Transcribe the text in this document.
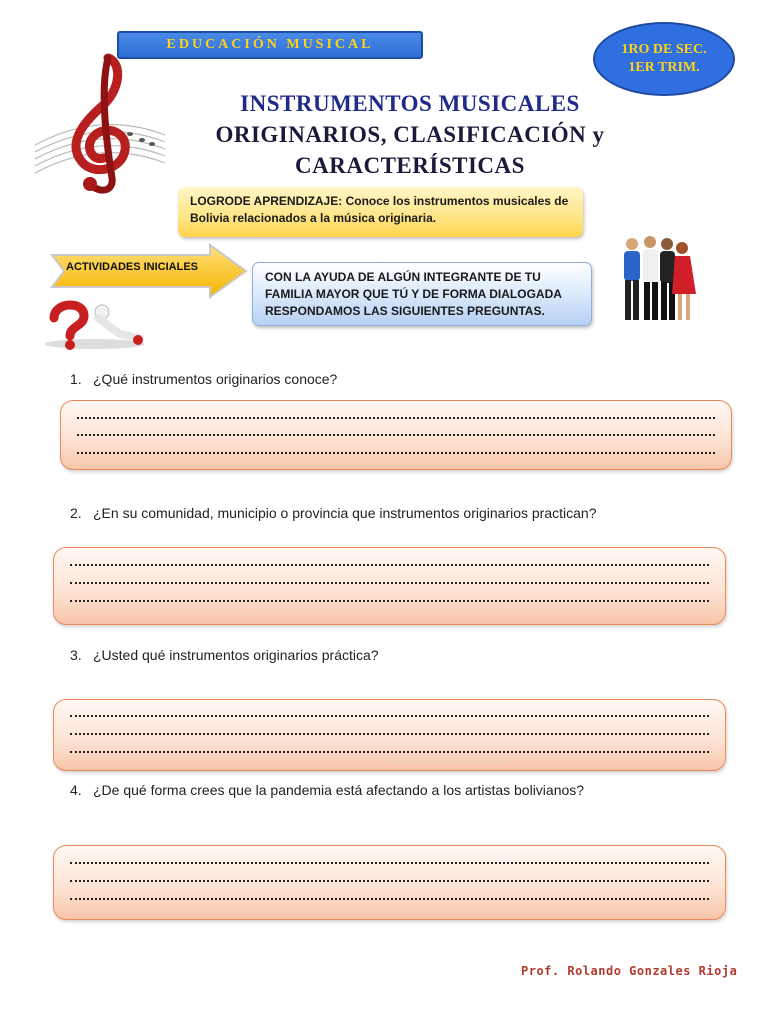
EDUCACIÓN MUSICAL	1RO DE SEC.
1ER TRIM.
INSTRUMENTOS MUSICALES
ORIGINARIOS, CLASIFICACIÓN y
CARACTERÍSTICAS
LOGRODE APRENDIZAJE: Conoce los instrumentos musicales de Bolivia relacionados a la música originaria.
ACTIVIDADES INICIALES
CON LA AYUDA DE ALGÚN INTEGRANTE DE TU FAMILIA MAYOR QUE TÚ Y DE FORMA DIALOGADA RESPONDAMOS LAS SIGUIENTES PREGUNTAS.
1. ¿Qué instrumentos originarios conoce?
2. ¿En su comunidad, municipio o provincia que instrumentos originarios practican?
3. ¿Usted qué instrumentos originarios práctica?
4. ¿De qué forma crees que la pandemia está afectando a los artistas bolivianos?
Prof. Rolando Gonzales Rioja
